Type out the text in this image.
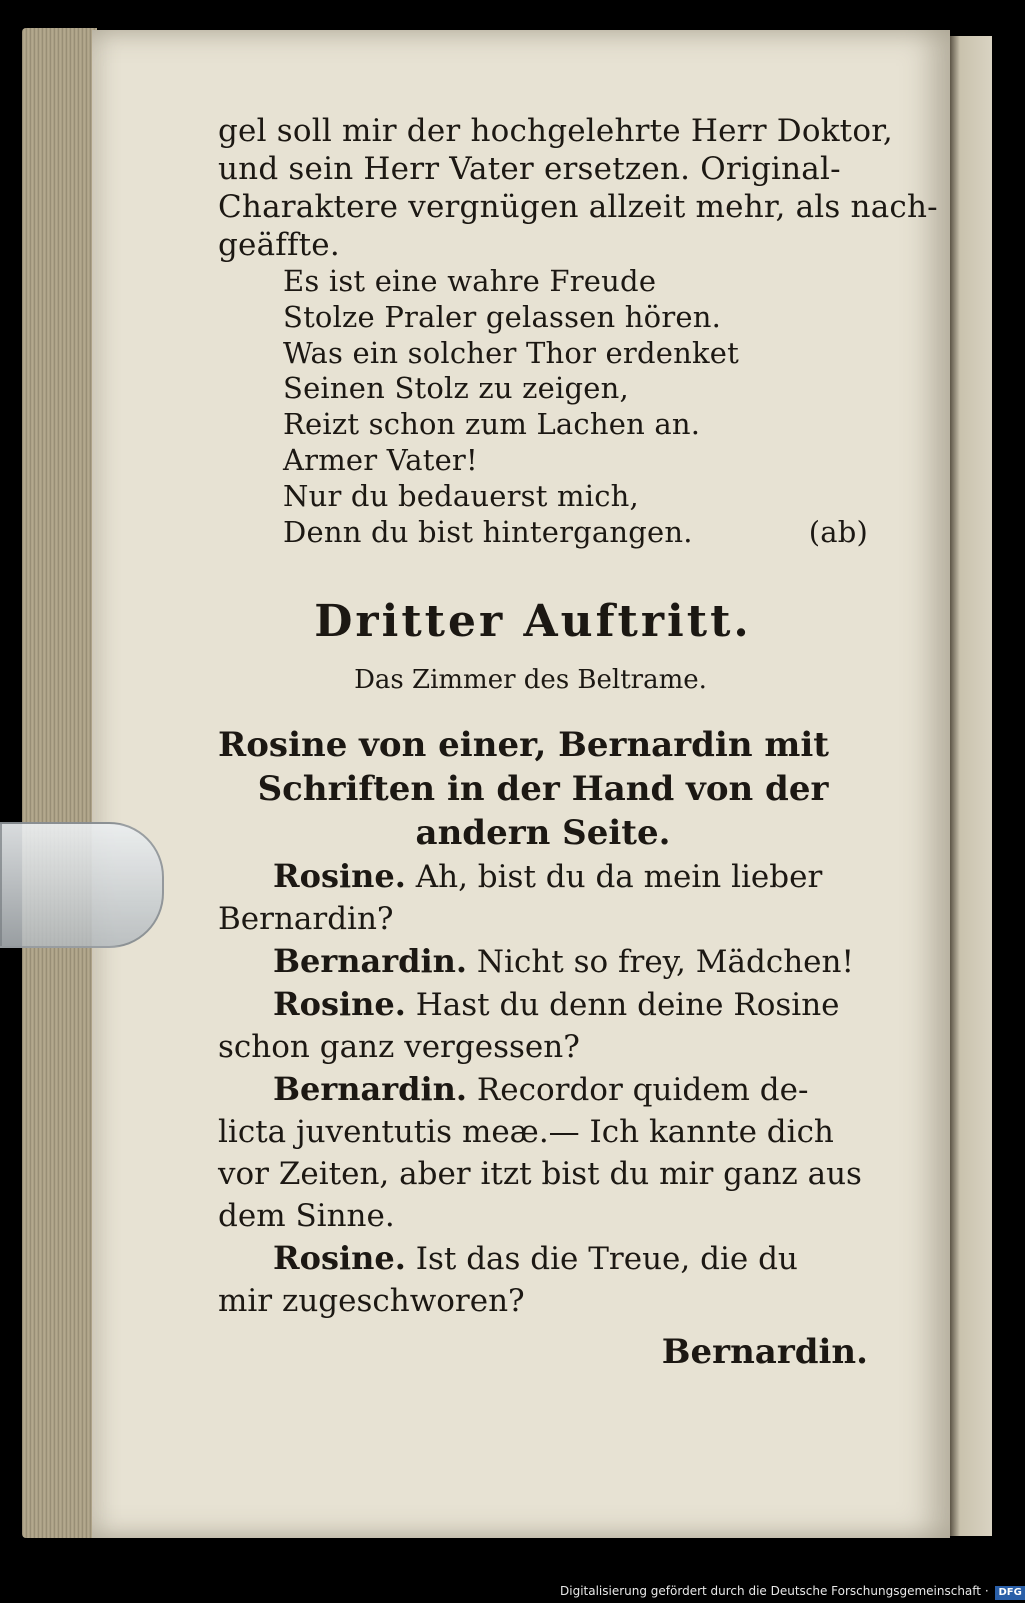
gel soll mir der hochgelehrte Herr Doktor,
und sein Herr Vater ersetzen. Original-
Charaktere vergnügen allzeit mehr, als nach-
geäffte.
Es ist eine wahre Freude
Stolze Praler gelassen hören.
Was ein solcher Thor erdenket
Seinen Stolz zu zeigen,
Reizt schon zum Lachen an.
Armer Vater!
Nur du bedauerst mich,
Denn du bist hintergangen.	(ab)
Dritter Auftritt.
Das Zimmer des Beltrame.
Rosine von einer, Bernardin mit
Schriften in der Hand von der
andern Seite.
Rosine. Ah, bist du da mein lieber
Bernardin?
Bernardin. Nicht so frey, Mädchen!
Rosine. Hast du denn deine Rosine
schon ganz vergessen?
Bernardin. Recordor quidem de-
licta juventutis meæ.— Ich kannte dich
vor Zeiten, aber itzt bist du mir ganz aus
dem Sinne.
Rosine. Ist das die Treue, die du
mir zugeschworen?
Bernardin.
Digitalisierung gefördert durch die Deutsche Forschungsgemeinschaft · DFG
